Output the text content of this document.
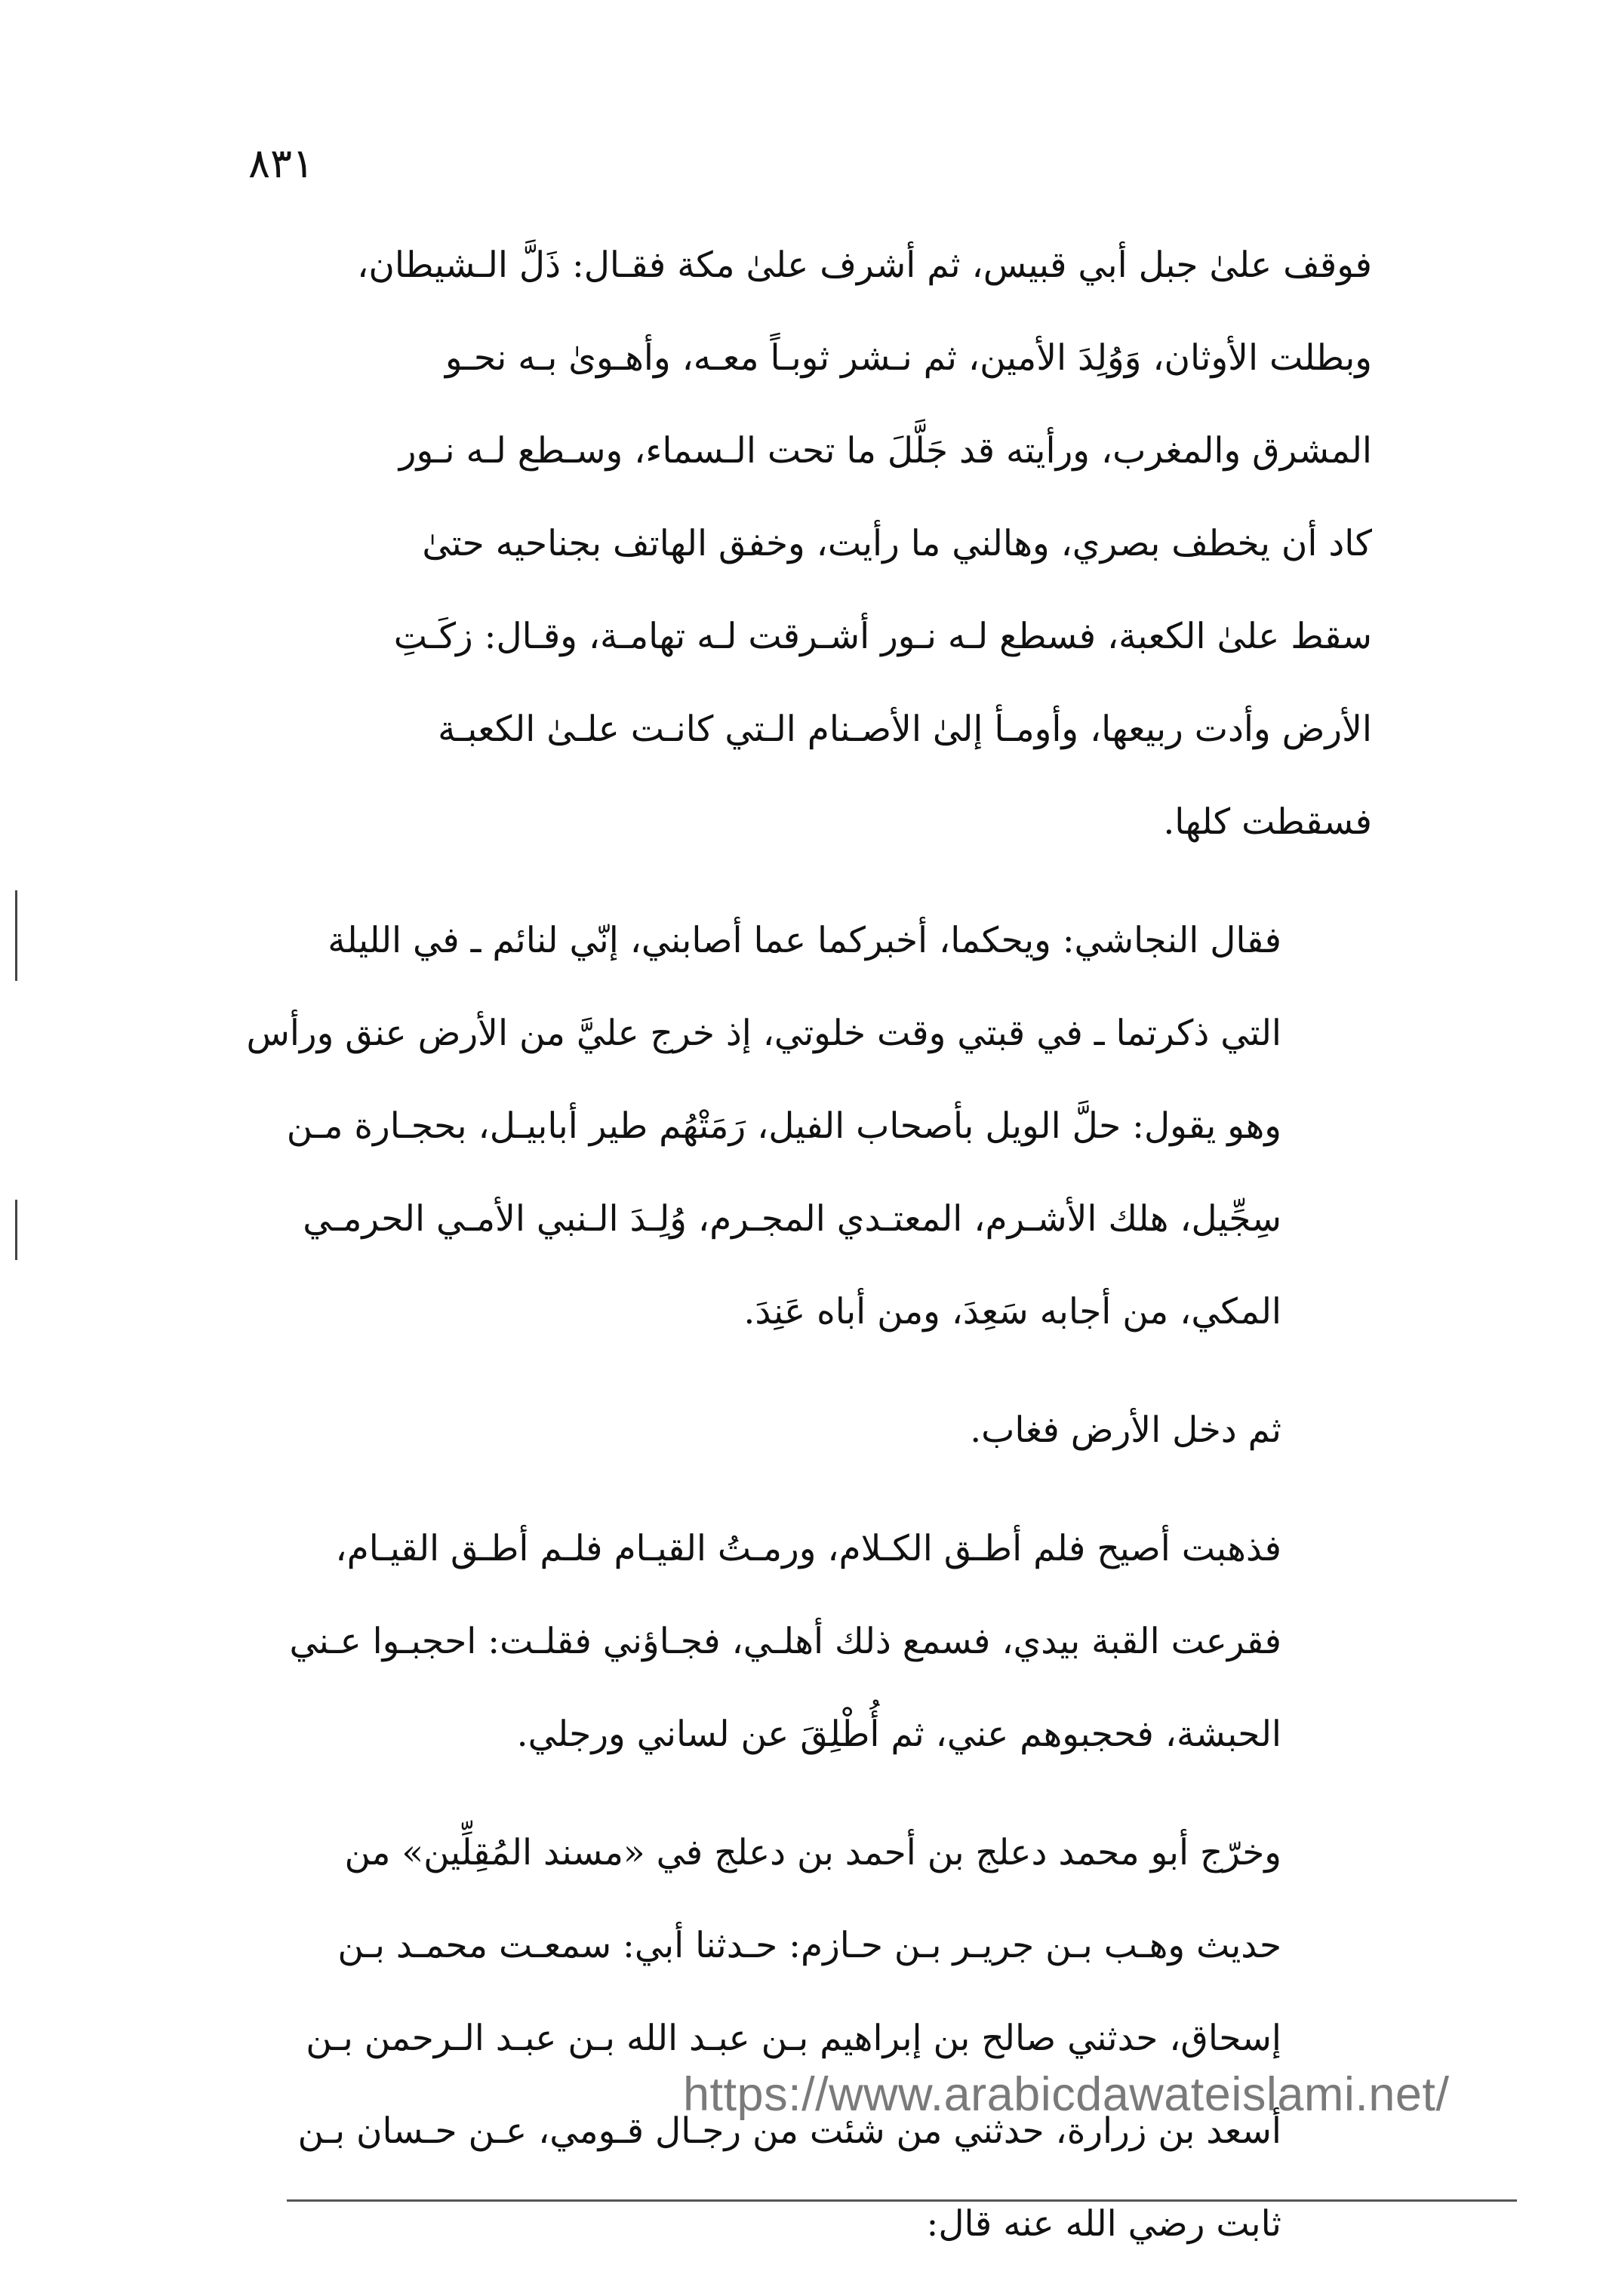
٨٣١

فوقف علىٰ جبل أبي قبيس، ثم أشرف علىٰ مكة فقـال: ذَلَّ الـشيطان،
وبطلت الأوثان، وَوُلِدَ الأمين، ثم نـشر ثوبـاً معـه، وأهـوىٰ بـه نحـو
المشرق والمغرب، ورأيته قد جَلَّلَ ما تحت الـسماء، وسـطع لـه نـور
كاد أن يخطف بصري، وهالني ما رأيت، وخفق الهاتف بجناحيه حتىٰ
سقط علىٰ الكعبة، فسطع لـه نـور أشـرقت لـه تهامـة، وقـال: زكَـتِ
الأرض وأدت ربيعها، وأومـأ إلىٰ الأصـنام الـتي كانـت علـىٰ الكعبـة
فسقطت كلها.

فقال النجاشي: ويحكما، أخبركما عما أصابني، إنّي لنائم ـ في الليلة
التي ذكرتما ـ في قبتي وقت خلوتي، إذ خرج عليَّ من الأرض عنق ورأس
وهو يقول: حلَّ الويل بأصحاب الفيل، رَمَتْهُم طير أبابيـل، بحجـارة مـن
سِجِّيل، هلك الأشـرم، المعتـدي المجـرم، وُلِـدَ الـنبي الأمـي الحرمـي
المكي، من أجابه سَعِدَ، ومن أباه عَنِدَ.

ثم دخل الأرض فغاب.

فذهبت أصيح فلم أطـق الكـلام، ورمـتُ القيـام فلـم أطـق القيـام،
فقرعت القبة بيدي، فسمع ذلك أهلـي، فجـاؤني فقلـت: احجبـوا عـني
الحبشة، فحجبوهم عني، ثم أُطْلِقَ عن لساني ورجلي.

وخرّج أبو محمد دعلج بن أحمد بن دعلج في «مسند المُقِلِّين» من
حديث وهـب بـن جريـر بـن حـازم: حـدثنا أبي: سمعـت محمـد بـن
إسحاق، حدثني صالح بن إبراهيم بـن عبـد الله بـن عبـد الـرحمن بـن
أسعد بن زرارة، حدثني من شئت من رجـال قـومي، عـن حـسان بـن
ثابت رضي الله عنه قال:

https://www.arabicdawateislami.net/
